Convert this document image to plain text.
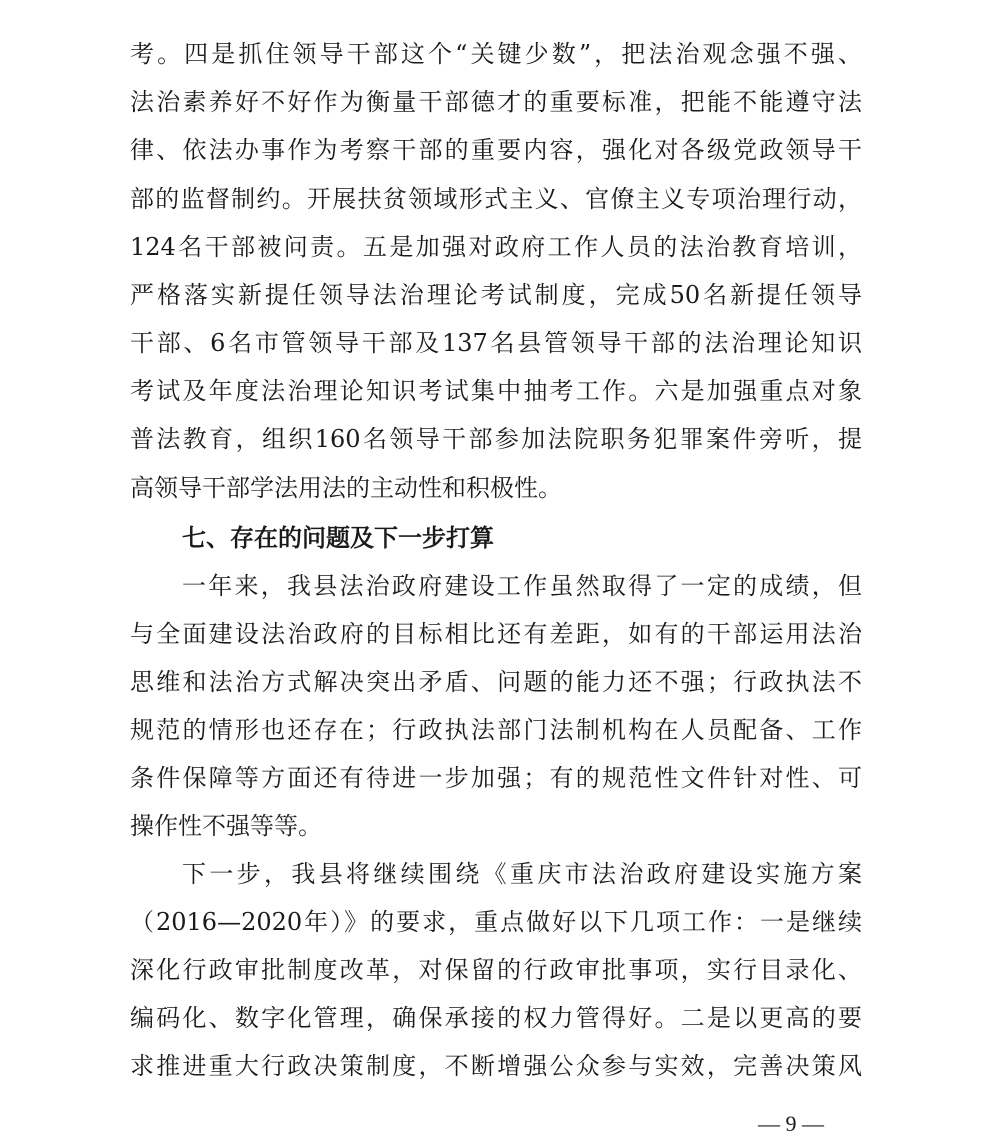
考。四是抓住领导干部这个“关键少数”，把法治观念强不强、
法治素养好不好作为衡量干部德才的重要标准，把能不能遵守法
律、依法办事作为考察干部的重要内容，强化对各级党政领导干
部的监督制约。开展扶贫领域形式主义、官僚主义专项治理行动，
124名干部被问责。五是加强对政府工作人员的法治教育培训，
严格落实新提任领导法治理论考试制度，完成50名新提任领导
干部、6名市管领导干部及137名县管领导干部的法治理论知识
考试及年度法治理论知识考试集中抽考工作。六是加强重点对象
普法教育，组织160名领导干部参加法院职务犯罪案件旁听，提
高领导干部学法用法的主动性和积极性。
七、存在的问题及下一步打算
一年来，我县法治政府建设工作虽然取得了一定的成绩，但
与全面建设法治政府的目标相比还有差距，如有的干部运用法治
思维和法治方式解决突出矛盾、问题的能力还不强；行政执法不
规范的情形也还存在；行政执法部门法制机构在人员配备、工作
条件保障等方面还有待进一步加强；有的规范性文件针对性、可
操作性不强等等。
下一步，我县将继续围绕《重庆市法治政府建设实施方案
（2016—2020年）》的要求，重点做好以下几项工作：一是继续
深化行政审批制度改革，对保留的行政审批事项，实行目录化、
编码化、数字化管理，确保承接的权力管得好。二是以更高的要
求推进重大行政决策制度，不断增强公众参与实效，完善决策风
— 9 —
